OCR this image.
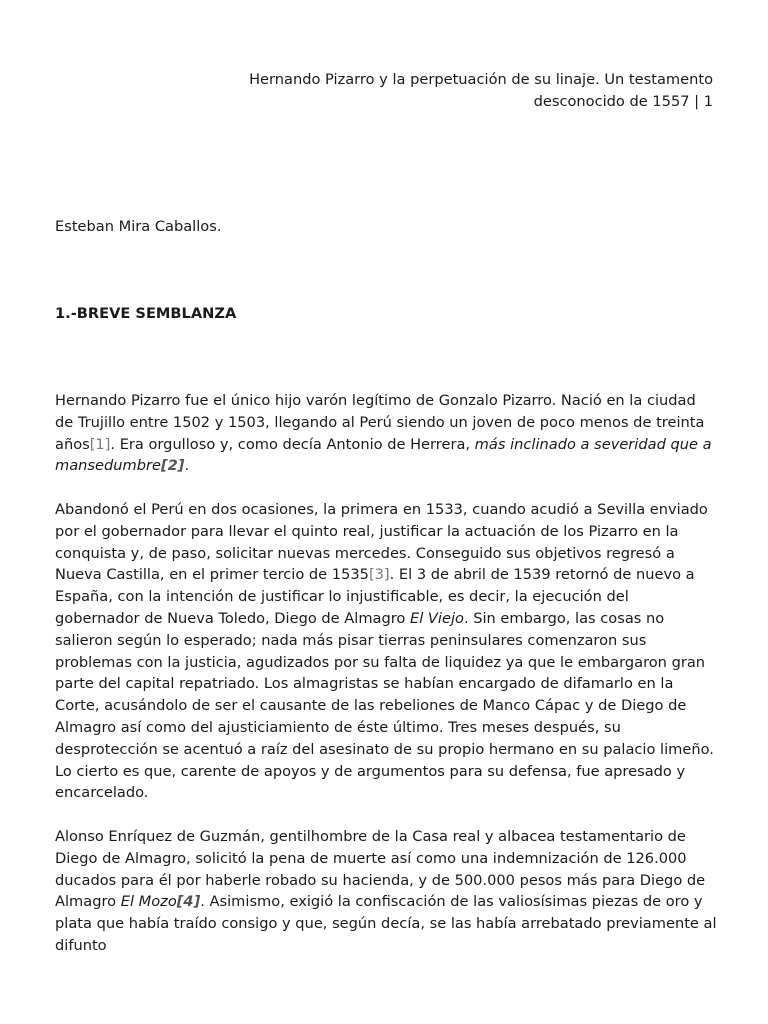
Hernando Pizarro y la perpetuación de su linaje. Un testamento
desconocido de 1557 | 1
Esteban Mira Caballos.
1.-BREVE SEMBLANZA

Hernando Pizarro fue el único hijo varón legítimo de Gonzalo Pizarro. Nació en la ciudad de Trujillo entre 1502 y 1503, llegando al Perú siendo un joven de poco menos de treinta años[1]. Era orgulloso y, como decía Antonio de Herrera, más inclinado a severidad que a mansedumbre[2].

Abandonó el Perú en dos ocasiones, la primera en 1533, cuando acudió a Sevilla enviado por el gobernador para llevar el quinto real, justificar la actuación de los Pizarro en la conquista y, de paso, solicitar nuevas mercedes. Conseguido sus objetivos regresó a Nueva Castilla, en el primer tercio de 1535[3]. El 3 de abril de 1539 retornó de nuevo a España, con la intención de justificar lo injustificable, es decir, la ejecución del gobernador de Nueva Toledo, Diego de Almagro El Viejo. Sin embargo, las cosas no salieron según lo esperado; nada más pisar tierras peninsulares comenzaron sus problemas con la justicia, agudizados por su falta de liquidez ya que le embargaron gran parte del capital repatriado. Los almagristas se habían encargado de difamarlo en la Corte, acusándolo de ser el causante de las rebeliones de Manco Cápac y de Diego de Almagro así como del ajusticiamiento de éste último. Tres meses después, su desprotección se acentuó a raíz del asesinato de su propio hermano en su palacio limeño. Lo cierto es que, carente de apoyos y de argumentos para su defensa, fue apresado y encarcelado.

Alonso Enríquez de Guzmán, gentilhombre de la Casa real y albacea testamentario de Diego de Almagro, solicitó la pena de muerte así como una indemnización de 126.000 ducados para él por haberle robado su hacienda, y de 500.000 pesos más para Diego de Almagro El Mozo[4]. Asimismo, exigió la confiscación de las valiosísimas piezas de oro y plata que había traído consigo y que, según decía, se las había arrebatado previamente al difunto
